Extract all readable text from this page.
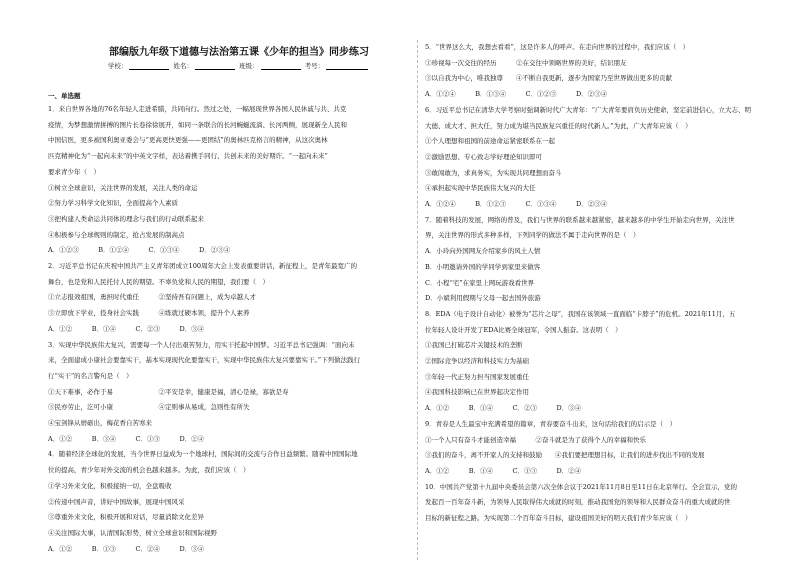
部编版九年级下道德与法治第五课《少年的担当》同步练习
学校：	姓名：	班级：	考号：
一、单选题
1．来自世界各地的76名年轻人走进希腊，共同向行。然过之处，一幅展现世界各国人民休戚与共、共克
疫情，为梦想激情拼搏的图片长卷徐徐展开，如同一条联合的长河蜿蜒流淌、长河两侧，展现新全人民和
中国信医，更多被国利奥亚委会与“更高更快更强——更团结”的奥林匹克格言的精神，从这次奥林
匹克精神化为“一起向未来”的中英文字样，表达着携手同行、共创未来的美好期许。“一起向未来”
要求青少年（　）
①树立全球意识，关注世界的发展，关注人类的命运
②努力学习科学文化知识，全面提高个人素质
③把构建人类命运共同体的理念与我们的行动联系起来
④积极参与全球规则的制定，抢占发展的制高点
A．①②③　　　B．①②④　　　C．①③④　　　D．②③④
2．习近平总书记在庆祝中国共产主义青年团成立100周年大会上发表重要讲话，新征程上，是青年最宽广的
舞台，也是党和人民托付人民的期望。不辜负党和人民的期望，我们要（　）
①立志报效祖国，勇担时代重任　　　②坚持吾有问题上，成为卓越人才
③立即放下学业，投身社会实践　　　④练就过硬本领，提升个人素养
A．①②　　　B．①④　　　C．②③　　　D．③④
3．实现中华民族伟大复兴，需要每一个人付出艰苦努力，用实干托起中国梦。习近平总书记强调：“面向未
来，全面建成小康社会要靠实干，基本实现现代化要靠实干，实现中华民族伟大复兴要靠实干。”下列做法践行
行“实干”的名言警句是（　）
①天下难事，必作于易　　　　　　　②平安是幸，健康是福，清心是禄，寡欲是寿
③民亦劳止，汔可小康　　　　　　　④定则事从易成，急则性有所失
④宝剑锋从磨砺出，梅花香自苦寒来
A．①②　　　B．③④　　　C．①③　　　D．②④
4．随着经济全球化的发展，当今世界日益成为一个地球村，国际间的交流与合作日益频繁。随着中国国际地
位的提高，青少年对外交流的机会也越来越多。为此，我们应该（　）
①学习外来文化，积极接纳一切，全盘吸收
②传递中国声音，讲好中国故事，展现中国风采
③尊重外来文化，积极开展和对话，尽量消除文化差异
④关注国际大事，认清国际形势，树立全球意识和国际视野
A．①②　　　B．①③　　　C．②④　　　D．③④
5．“世界这么大，我想去看看”，这是许多人的呼声。在走向世界的过程中，我们应该（　）
①珍视每一次交往的经历　　　②在交往中领略世界的美好，结识朋友
③以自我为中心，唯我独尊　　④不断自我更新，逐步为国家乃至世界做出更多的贡献
A．①②④　　　B．①③④　　　C．①②③　　　D．②③④
6．习近平总书记在清华大学考察时强调新时代广大青年：“广大青年要肩负历史使命，坚定前进信心，立大志、明
大德、成大才、担大任，努力成为堪当民族复兴重任的时代新人。”为此，广大青年应该（　）
①个人理想和祖国的前途命运紧密联系在一起
②激励思想、专心致志学好理论知识即可
③敢闯敢为，求真务实，为实现共同理想而奋斗
④承担起实现中华民族伟大复兴的大任
A．①②④　　　B．①②③　　　C．①③④　　　D．②③④
7．随着科技的发展，网络的普及，我们与世界的联系越来越紧密，越来越多的中学生开始走向世界，关注世
界，关注世界的形式多种多样，下列同学的做法不属于走向世界的是（　）
A．小玲向外国网友介绍家乡的风土人情
B．小明邀请外国的学同学到家里来做客
C．小程“宅”在家里上网玩游戏看世界
D．小斌利用假期与父母一起去国外旅游
8．EDA（电子设计自动化）被誉为“芯片之母”，我国在该领域一直面临“卡脖子”的危机。2021年11月，五
位年轻人设计开发了EDA比赛全球冠军，令国人振奋。这表明（　）
①我国已打破芯片关键技术的垄断
②国际竞争以经济和科技实力为基础
③年轻一代正努力担当国家发展重任
④我国科技影响已在世界起决定作用
A．①②　　　B．①④　　　C．②③　　　D．③④
9．青春是人生最宝中充满希望的篇章，青春要奋斗出来，这句话给我们的启示是（　）
①一个人只有奋斗才能创造幸福　　　②奋斗就是为了获得个人的幸福和快乐
③我们的奋斗，离不开家人的支持和鼓励　　④我们要把理想目标，让我们的进步找出不同的发展
A．①②　　　B．①④　　　C．①③　　　D．②④
10．中国共产党第十九届中央委员会第六次全体会议于2021年11月8日至11日在北京举行。全会宣示，党的
发起百一百年奋斗新，为领导人民取得伟大成就的时刻，推动我国党的领导和人民群众奋斗的重大成就的世
目标的新征程之路。为实现第二个百年奋斗目标，建设祖国美好的明天我们青少年应该（　）
